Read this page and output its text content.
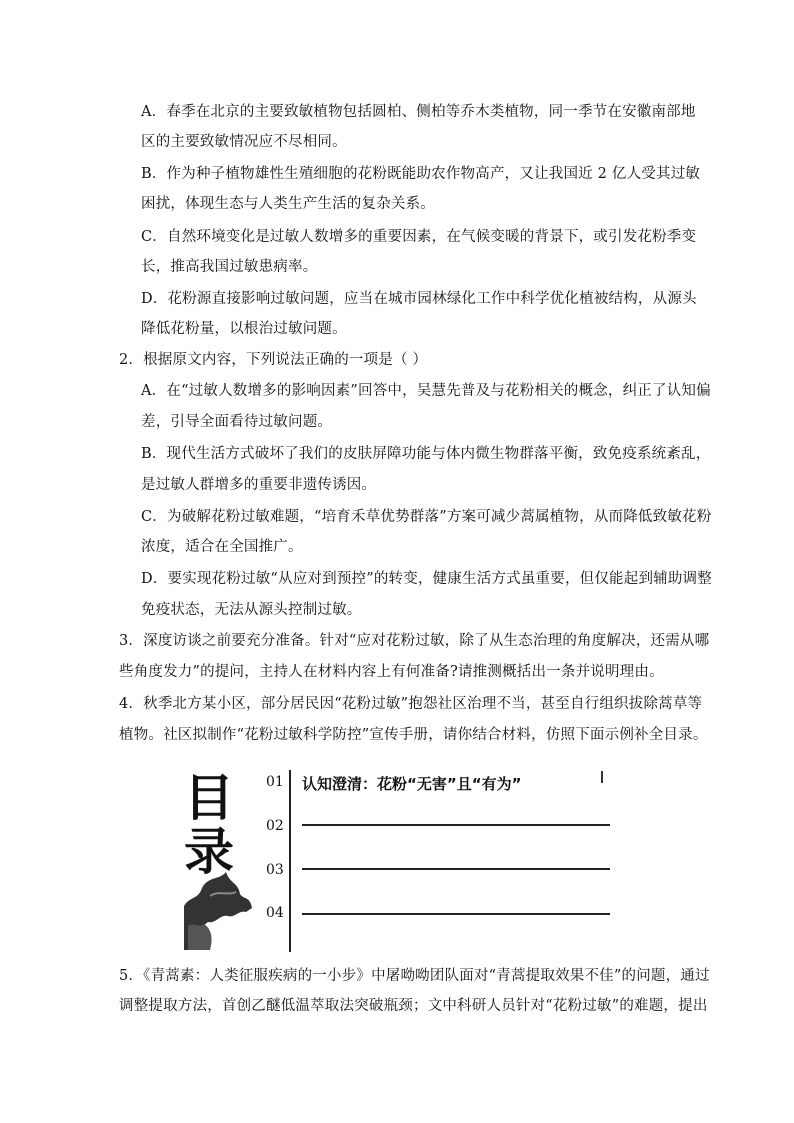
A．春季在北京的主要致敏植物包括圆柏、侧柏等乔木类植物，同一季节在安徽南部地
区的主要致敏情况应不尽相同。
B．作为种子植物雄性生殖细胞的花粉既能助农作物高产，又让我国近 2 亿人受其过敏
困扰，体现生态与人类生产生活的复杂关系。
C．自然环境变化是过敏人数增多的重要因素，在气候变暖的背景下，或引发花粉季变
长，推高我国过敏患病率。
D．花粉源直接影响过敏问题，应当在城市园林绿化工作中科学优化植被结构，从源头
降低花粉量，以根治过敏问题。
2．根据原文内容，下列说法正确的一项是（ ）
A．在“过敏人数增多的影响因素”回答中，吴慧先普及与花粉相关的概念，纠正了认知偏
差，引导全面看待过敏问题。
B．现代生活方式破坏了我们的皮肤屏障功能与体内微生物群落平衡，致免疫系统紊乱，
是过敏人群增多的重要非遗传诱因。
C．为破解花粉过敏难题，“培育禾草优势群落”方案可减少蒿属植物，从而降低致敏花粉
浓度，适合在全国推广。
D．要实现花粉过敏“从应对到预控”的转变，健康生活方式虽重要，但仅能起到辅助调整
免疫状态，无法从源头控制过敏。
3．深度访谈之前要充分准备。针对“应对花粉过敏，除了从生态治理的角度解决，还需从哪
些角度发力”的提问，主持人在材料内容上有何准备?请推测概括出一条并说明理由。
4．秋季北方某小区，部分居民因“花粉过敏”抱怨社区治理不当，甚至自行组织拔除蒿草等
植物。社区拟制作“花粉过敏科学防控”宣传手册，请你结合材料，仿照下面示例补全目录。
目
录
01
02
03
04
认知澄清：花粉“无害”且“有为”
5．《青蒿素：人类征服疾病的一小步》中屠呦呦团队面对“青蒿提取效果不佳”的问题，通过
调整提取方法，首创乙醚低温萃取法突破瓶颈；文中科研人员针对“花粉过敏”的难题，提出
